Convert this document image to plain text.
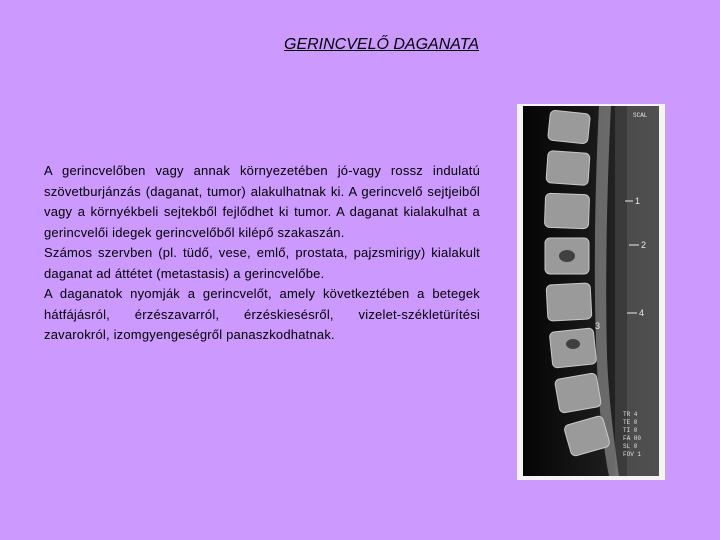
GERINCVELŐ DAGANATA

A gerincvelőben vagy annak környezetében jó-vagy rossz indulatú szövetburjánzás (daganat, tumor) alakulhatnak ki. A gerincvelő sejtjeiből vagy a környékbeli sejtekből fejlődhet ki tumor. A daganat kialakulhat a gerincvelői idegek gerincvelőből kilépő szakaszán.

Számos szervben (pl. tüdő, vese, emlő, prostata, pajzsmirigy) kialakult daganat ad áttétet (metastasis) a gerincvelőbe.

A daganatok nyomják a gerincvelőt, amely következtében a betegek hátfájásról, érzészavarról, érzéskiesésről, vizelet-székletürítési zavarokról, izomgyengeségről panaszkodhatnak.

SCAL
1
2
3
4
TR 4
TE 0
TI 0
FA 00
SL 0
FOV 1
